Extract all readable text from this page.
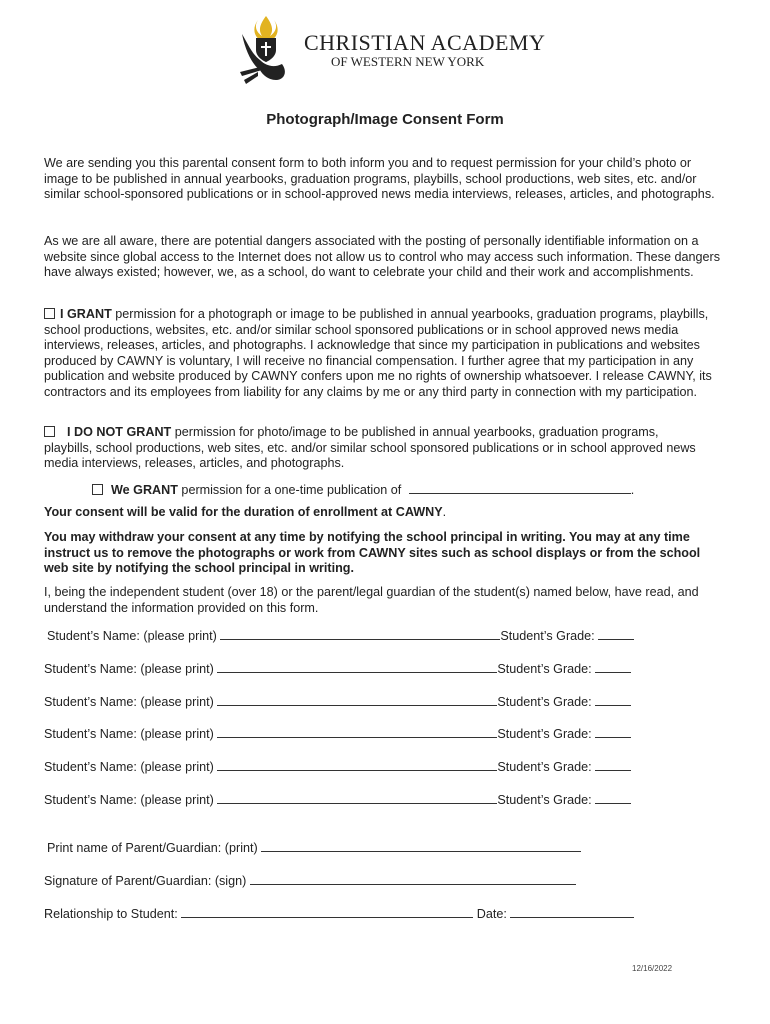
CHRISTIAN ACADEMY
OF WESTERN NEW YORK
Photograph/Image Consent Form
We are sending you this parental consent form to both inform you and to request permission for your child’s photo or image to be published in annual yearbooks, graduation programs, playbills, school productions, web sites, etc. and/or similar school-sponsored publications or in school-approved news media interviews, releases, articles, and photographs.
As we are all aware, there are potential dangers associated with the posting of personally identifiable information on a website since global access to the Internet does not allow us to control who may access such information. These dangers have always existed; however, we, as a school, do want to celebrate your child and their work and accomplishments.
I GRANT permission for a photograph or image to be published in annual yearbooks, graduation programs, playbills, school productions, websites, etc. and/or similar school sponsored publications or in school approved news media interviews, releases, articles, and photographs. I acknowledge that since my participation in publications and websites produced by CAWNY is voluntary, I will receive no financial compensation. I further agree that my participation in any publication and website produced by CAWNY confers upon me no rights of ownership whatsoever. I release CAWNY, its contractors and its employees from liability for any claims by me or any third party in connection with my participation.
I DO NOT GRANT permission for photo/image to be published in annual yearbooks, graduation programs, playbills, school productions, web sites, etc. and/or similar school sponsored publications or in school approved news media interviews, releases, articles, and photographs.
We GRANT permission for a one-time publication of	.
Your consent will be valid for the duration of enrollment at CAWNY.
You may withdraw your consent at any time by notifying the school principal in writing. You may at any time instruct us to remove the photographs or work from CAWNY sites such as school displays or from the school web site by notifying the school principal in writing.
I, being the independent student (over 18) or the parent/legal guardian of the student(s) named below, have read, and understand the information provided on this form.
Student’s Name: (please print)	Student’s Grade:
Student’s Name: (please print)	Student’s Grade:
Student’s Name: (please print)	Student’s Grade:
Student’s Name: (please print)	Student’s Grade:
Student’s Name: (please print)	Student’s Grade:
Student’s Name: (please print)	Student’s Grade:
Print name of Parent/Guardian: (print)
Signature of Parent/Guardian: (sign)
Relationship to Student:	Date:
12/16/2022
